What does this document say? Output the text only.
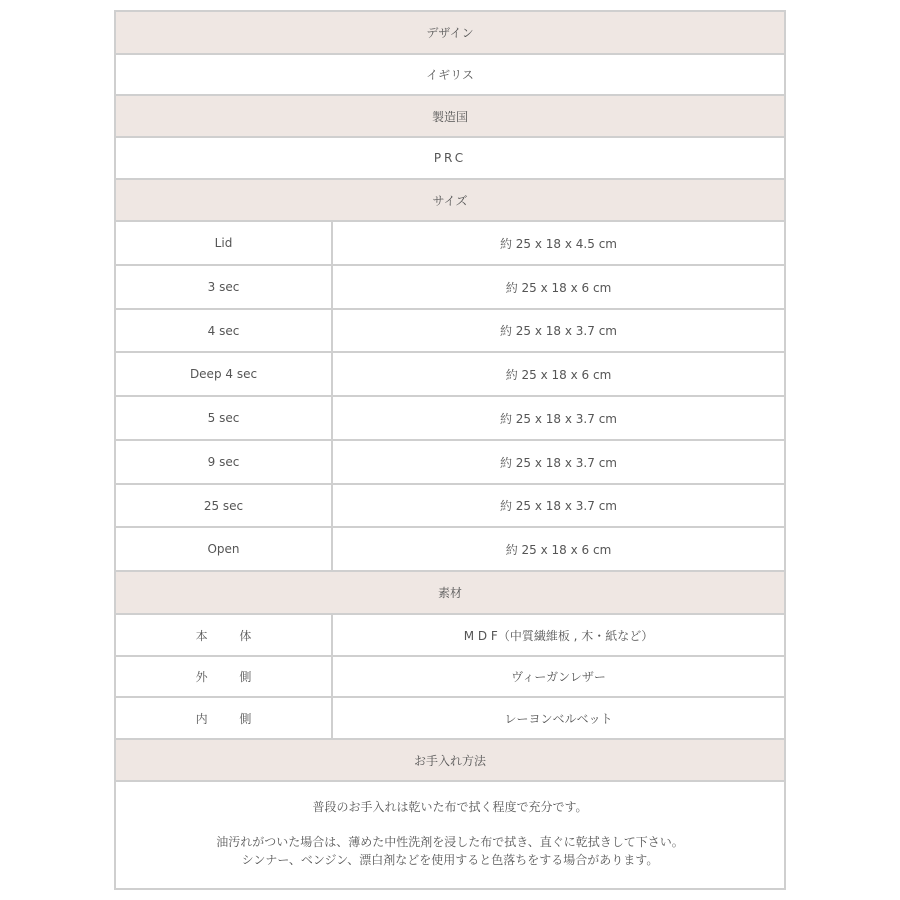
デザイン
イギリス
製造国
PRC
サイズ
Lid	約 25 x 18 x 4.5 cm
3 sec	約 25 x 18 x 6 cm
4 sec	約 25 x 18 x 3.7 cm
Deep 4 sec	約 25 x 18 x 6 cm
5 sec	約 25 x 18 x 3.7 cm
9 sec	約 25 x 18 x 3.7 cm
25 sec	約 25 x 18 x 3.7 cm
Open	約 25 x 18 x 6 cm
素材
本 体	M D F（中質繊維板 , 木・紙など）
外 側	ヴィーガンレザー
内 側	レーヨンベルベット
お手入れ方法

普段のお手入れは乾いた布で拭く程度で充分です。

油汚れがついた場合は、薄めた中性洗剤を浸した布で拭き、直ぐに乾拭きして下さい。

シンナー、ベンジン、漂白剤などを使用すると色落ちをする場合があります。
